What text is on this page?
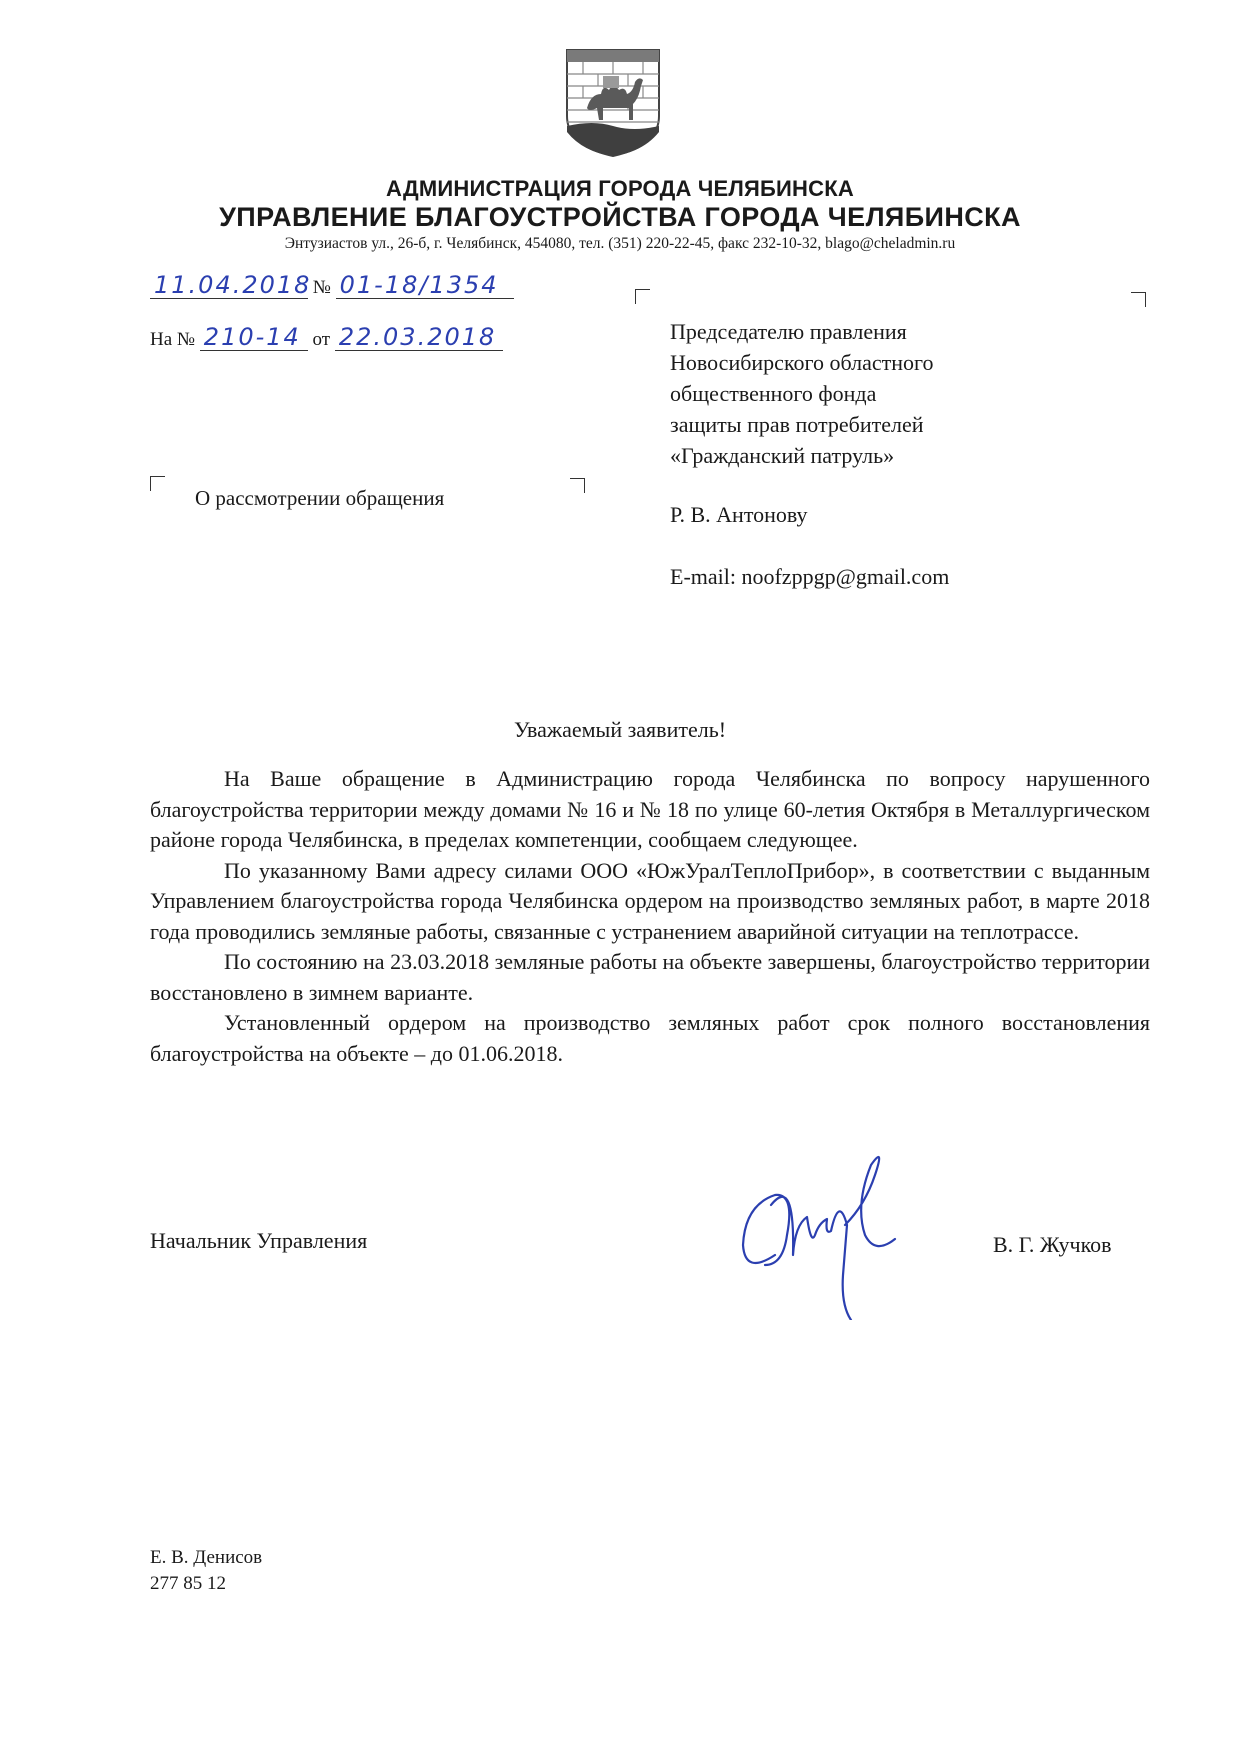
АДМИНИСТРАЦИЯ ГОРОДА ЧЕЛЯБИНСКА
УПРАВЛЕНИЕ БЛАГОУСТРОЙСТВА ГОРОДА ЧЕЛЯБИНСКА
Энтузиастов ул., 26-б, г. Челябинск, 454080, тел. (351) 220-22-45, факс 232-10-32, blago@cheladmin.ru
11.04.2018 № 01-18/1354
На № 210-14 от 22.03.2018
О рассмотрении обращения
Председателю правления
Новосибирского областного
общественного фонда
защиты прав потребителей
«Гражданский патруль»
Р. В. Антонову
E-mail: noofzppgp@gmail.com
Уважаемый заявитель!

На Ваше обращение в Администрацию города Челябинска по вопросу нарушенного благоустройства территории между домами № 16 и № 18 по улице 60-летия Октября в Металлургическом районе города Челябинска, в пределах компетенции, сообщаем следующее.

По указанному Вами адресу силами ООО «ЮжУралТеплоПрибор», в соответствии с выданным Управлением благоустройства города Челябинска ордером на производство земляных работ, в марте 2018 года проводились земляные работы, связанные с устранением аварийной ситуации на теплотрассе.

По состоянию на 23.03.2018 земляные работы на объекте завершены, благоустройство территории восстановлено в зимнем варианте.

Установленный ордером на производство земляных работ срок полного восстановления благоустройства на объекте – до 01.06.2018.

Начальник Управления	В. Г. Жучков
Е. В. Денисов
277 85 12
